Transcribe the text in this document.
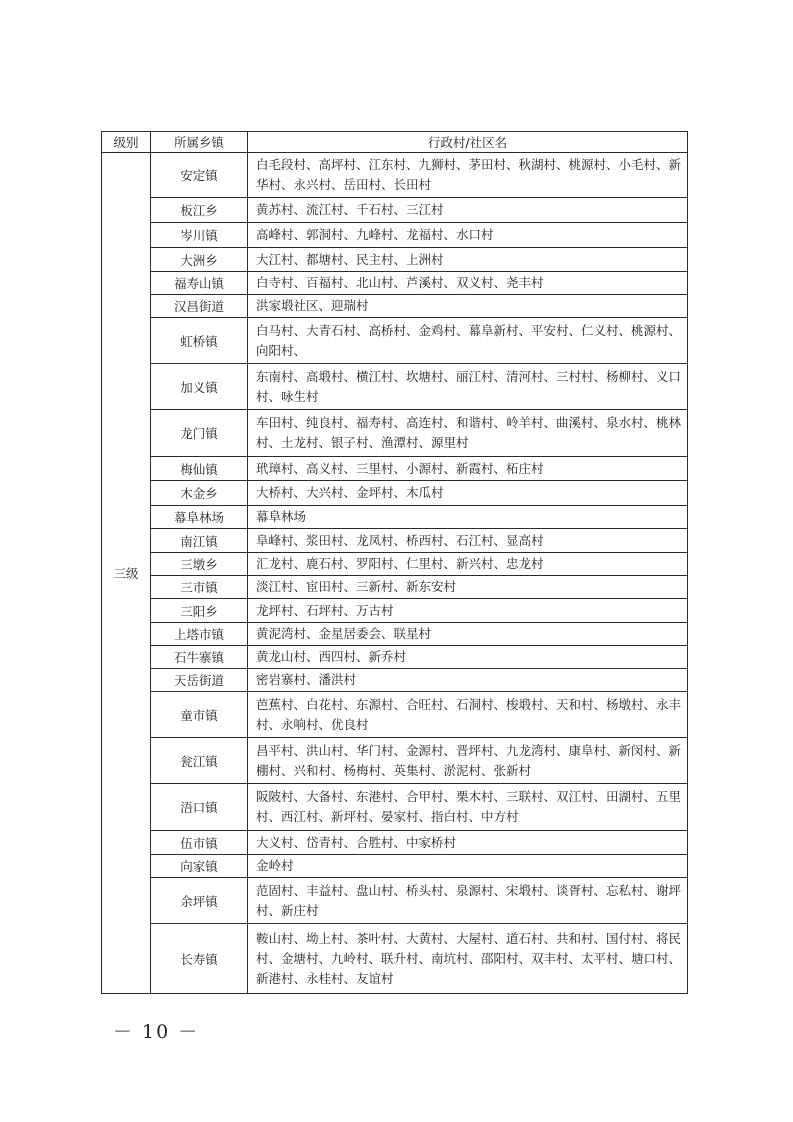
级别	所属乡镇	行政村/社区名
三级	安定镇	白毛段村、高坪村、江东村、九狮村、茅田村、秋湖村、桃源村、小毛村、新华村、永兴村、岳田村、长田村
	板江乡	黄苏村、流江村、千石村、三江村
	岑川镇	高峰村、郭洞村、九峰村、龙福村、水口村
	大洲乡	大江村、都塘村、民主村、上洲村
	福寿山镇	白寺村、百福村、北山村、芦溪村、双义村、尧丰村
	汉昌街道	洪家塅社区、迎瑞村
	虹桥镇	白马村、大青石村、高桥村、金鸡村、幕阜新村、平安村、仁义村、桃源村、向阳村、
	加义镇	东南村、高塅村、横江村、坎塘村、丽江村、清河村、三村村、杨柳村、义口村、咏生村
	龙门镇	车田村、纯良村、福寿村、高连村、和谐村、岭羊村、曲溪村、泉水村、桃林村、土龙村、银子村、渔潭村、源里村
	梅仙镇	玳璋村、高义村、三里村、小源村、新霞村、柘庄村
	木金乡	大桥村、大兴村、金坪村、木瓜村
	幕阜林场	幕阜林场
	南江镇	阜峰村、浆田村、龙凤村、桥西村、石江村、显高村
	三墩乡	汇龙村、鹿石村、罗阳村、仁里村、新兴村、忠龙村
	三市镇	淡江村、宦田村、三新村、新东安村
	三阳乡	龙坪村、石坪村、万古村
	上塔市镇	黄泥湾村、金星居委会、联星村
	石牛寨镇	黄龙山村、西四村、新乔村
	天岳街道	密岩寨村、潘洪村
	童市镇	芭蕉村、白花村、东源村、合旺村、石洞村、梭塅村、天和村、杨墩村、永丰村、永响村、优良村
	瓮江镇	昌平村、洪山村、华门村、金源村、晋坪村、九龙湾村、康阜村、新闵村、新棚村、兴和村、杨梅村、英集村、淤泥村、张新村
	浯口镇	阪陂村、大备村、东港村、合甲村、栗木村、三联村、双江村、田湖村、五里村、西江村、新坪村、晏家村、指白村、中方村
	伍市镇	大义村、岱青村、合胜村、中家桥村
	向家镇	金岭村
	余坪镇	范固村、丰益村、盘山村、桥头村、泉源村、宋塅村、谈胥村、忘私村、谢坪村、新庄村
	长寿镇	鞍山村、坳上村、茶叶村、大黄村、大屋村、道石村、共和村、国付村、将民村、金塘村、九岭村、联升村、南坑村、邵阳村、双丰村、太平村、塘口村、新港村、永桂村、友谊村
－ 10 －
